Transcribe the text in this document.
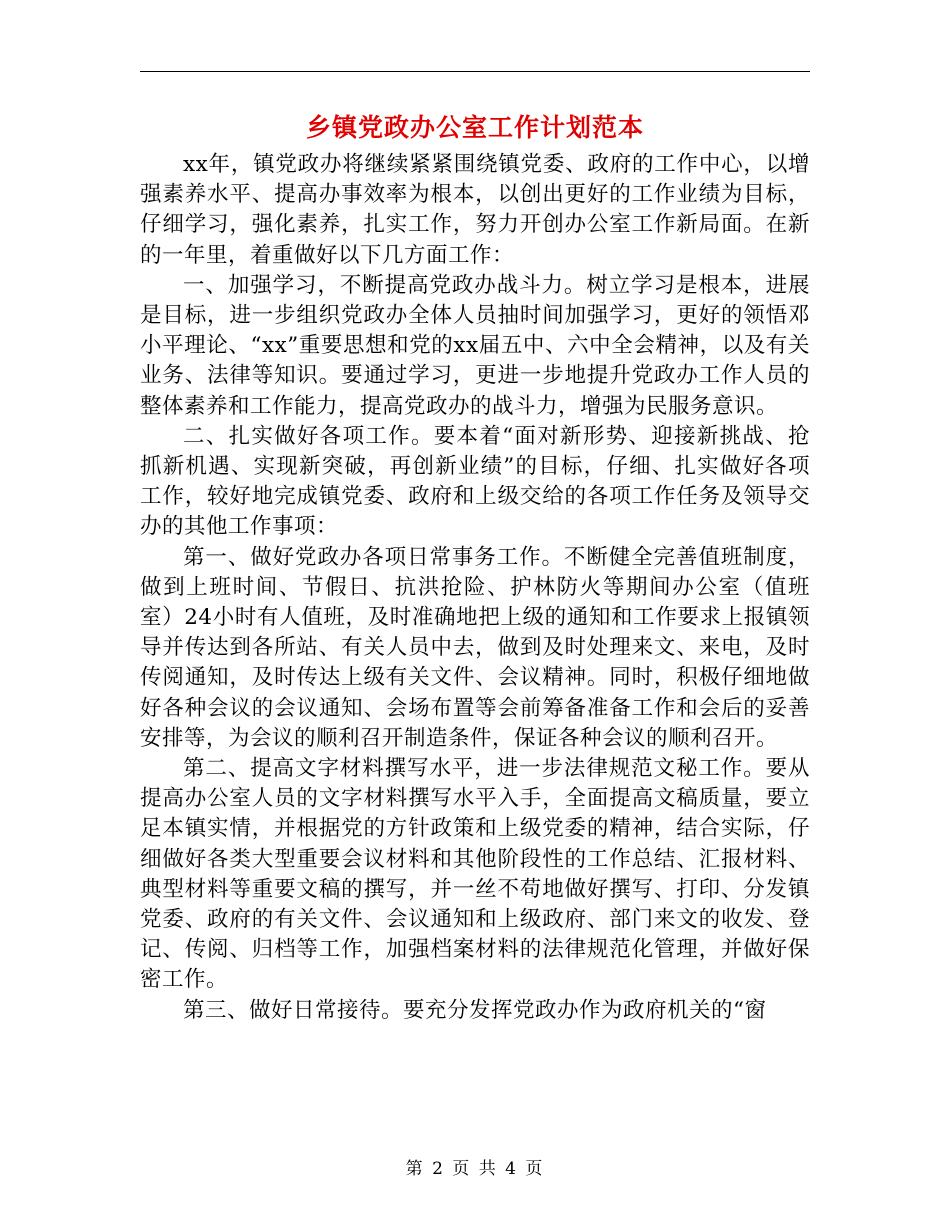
乡镇党政办公室工作计划范本

xx年，镇党政办将继续紧紧围绕镇党委、政府的工作中心，以增强素养水平、提高办事效率为根本，以创出更好的工作业绩为目标，仔细学习，强化素养，扎实工作，努力开创办公室工作新局面。在新的一年里，着重做好以下几方面工作：

一、加强学习，不断提高党政办战斗力。树立学习是根本，进展是目标，进一步组织党政办全体人员抽时间加强学习，更好的领悟邓小平理论、“xx”重要思想和党的xx届五中、六中全会精神，以及有关业务、法律等知识。要通过学习，更进一步地提升党政办工作人员的整体素养和工作能力，提高党政办的战斗力，增强为民服务意识。

二、扎实做好各项工作。要本着“面对新形势、迎接新挑战、抢抓新机遇、实现新突破，再创新业绩”的目标，仔细、扎实做好各项工作，较好地完成镇党委、政府和上级交给的各项工作任务及领导交办的其他工作事项：

第一、做好党政办各项日常事务工作。不断健全完善值班制度，做到上班时间、节假日、抗洪抢险、护林防火等期间办公室（值班室）24小时有人值班，及时准确地把上级的通知和工作要求上报镇领导并传达到各所站、有关人员中去，做到及时处理来文、来电，及时传阅通知，及时传达上级有关文件、会议精神。同时，积极仔细地做好各种会议的会议通知、会场布置等会前筹备准备工作和会后的妥善安排等，为会议的顺利召开制造条件，保证各种会议的顺利召开。

第二、提高文字材料撰写水平，进一步法律规范文秘工作。要从提高办公室人员的文字材料撰写水平入手，全面提高文稿质量，要立足本镇实情，并根据党的方针政策和上级党委的精神，结合实际，仔细做好各类大型重要会议材料和其他阶段性的工作总结、汇报材料、典型材料等重要文稿的撰写，并一丝不苟地做好撰写、打印、分发镇党委、政府的有关文件、会议通知和上级政府、部门来文的收发、登记、传阅、归档等工作，加强档案材料的法律规范化管理，并做好保密工作。

第三、做好日常接待。要充分发挥党政办作为政府机关的“窗

第 2 页 共 4 页
